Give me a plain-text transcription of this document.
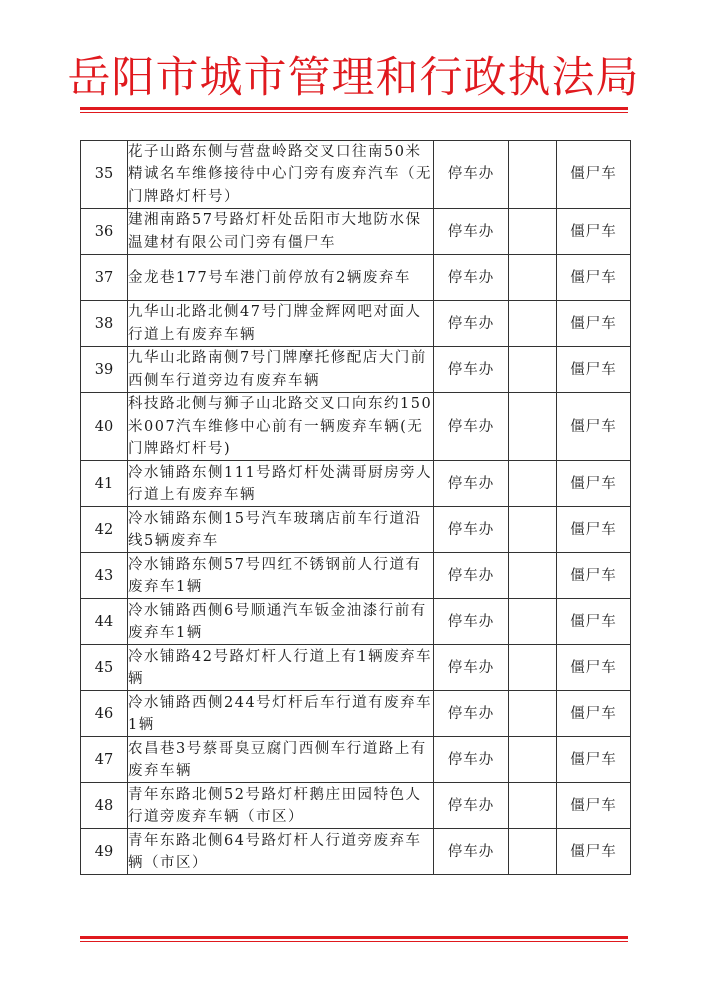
岳阳市城市管理和行政执法局
35	花子山路东侧与营盘岭路交叉口往南50米精诚名车维修接待中心门旁有废弃汽车（无门牌路灯杆号）	停车办		僵尸车
36	建湘南路57号路灯杆处岳阳市大地防水保温建材有限公司门旁有僵尸车	停车办		僵尸车
37	金龙巷177号车港门前停放有2辆废弃车	停车办		僵尸车
38	九华山北路北侧47号门牌金辉网吧对面人行道上有废弃车辆	停车办		僵尸车
39	九华山北路南侧7号门牌摩托修配店大门前西侧车行道旁边有废弃车辆	停车办		僵尸车
40	科技路北侧与狮子山北路交叉口向东约150米007汽车维修中心前有一辆废弃车辆(无门牌路灯杆号)	停车办		僵尸车
41	冷水铺路东侧111号路灯杆处满哥厨房旁人行道上有废弃车辆	停车办		僵尸车
42	冷水铺路东侧15号汽车玻璃店前车行道沿线5辆废弃车	停车办		僵尸车
43	冷水铺路东侧57号四红不锈钢前人行道有废弃车1辆	停车办		僵尸车
44	冷水铺路西侧6号顺通汽车钣金油漆行前有废弃车1辆	停车办		僵尸车
45	冷水铺路42号路灯杆人行道上有1辆废弃车辆	停车办		僵尸车
46	冷水铺路西侧244号灯杆后车行道有废弃车1辆	停车办		僵尸车
47	农昌巷3号蔡哥臭豆腐门西侧车行道路上有废弃车辆	停车办		僵尸车
48	青年东路北侧52号路灯杆鹅庄田园特色人行道旁废弃车辆（市区）	停车办		僵尸车
49	青年东路北侧64号路灯杆人行道旁废弃车辆（市区）	停车办		僵尸车
